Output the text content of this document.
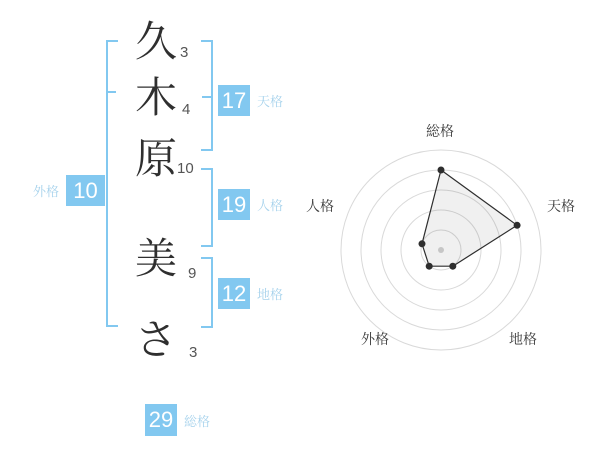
久
木
原
美
さ
3
4
10
9
3
外格 10
17 天格
19 人格
12 地格
29 総格
総格
天格
地格
外格
人格
